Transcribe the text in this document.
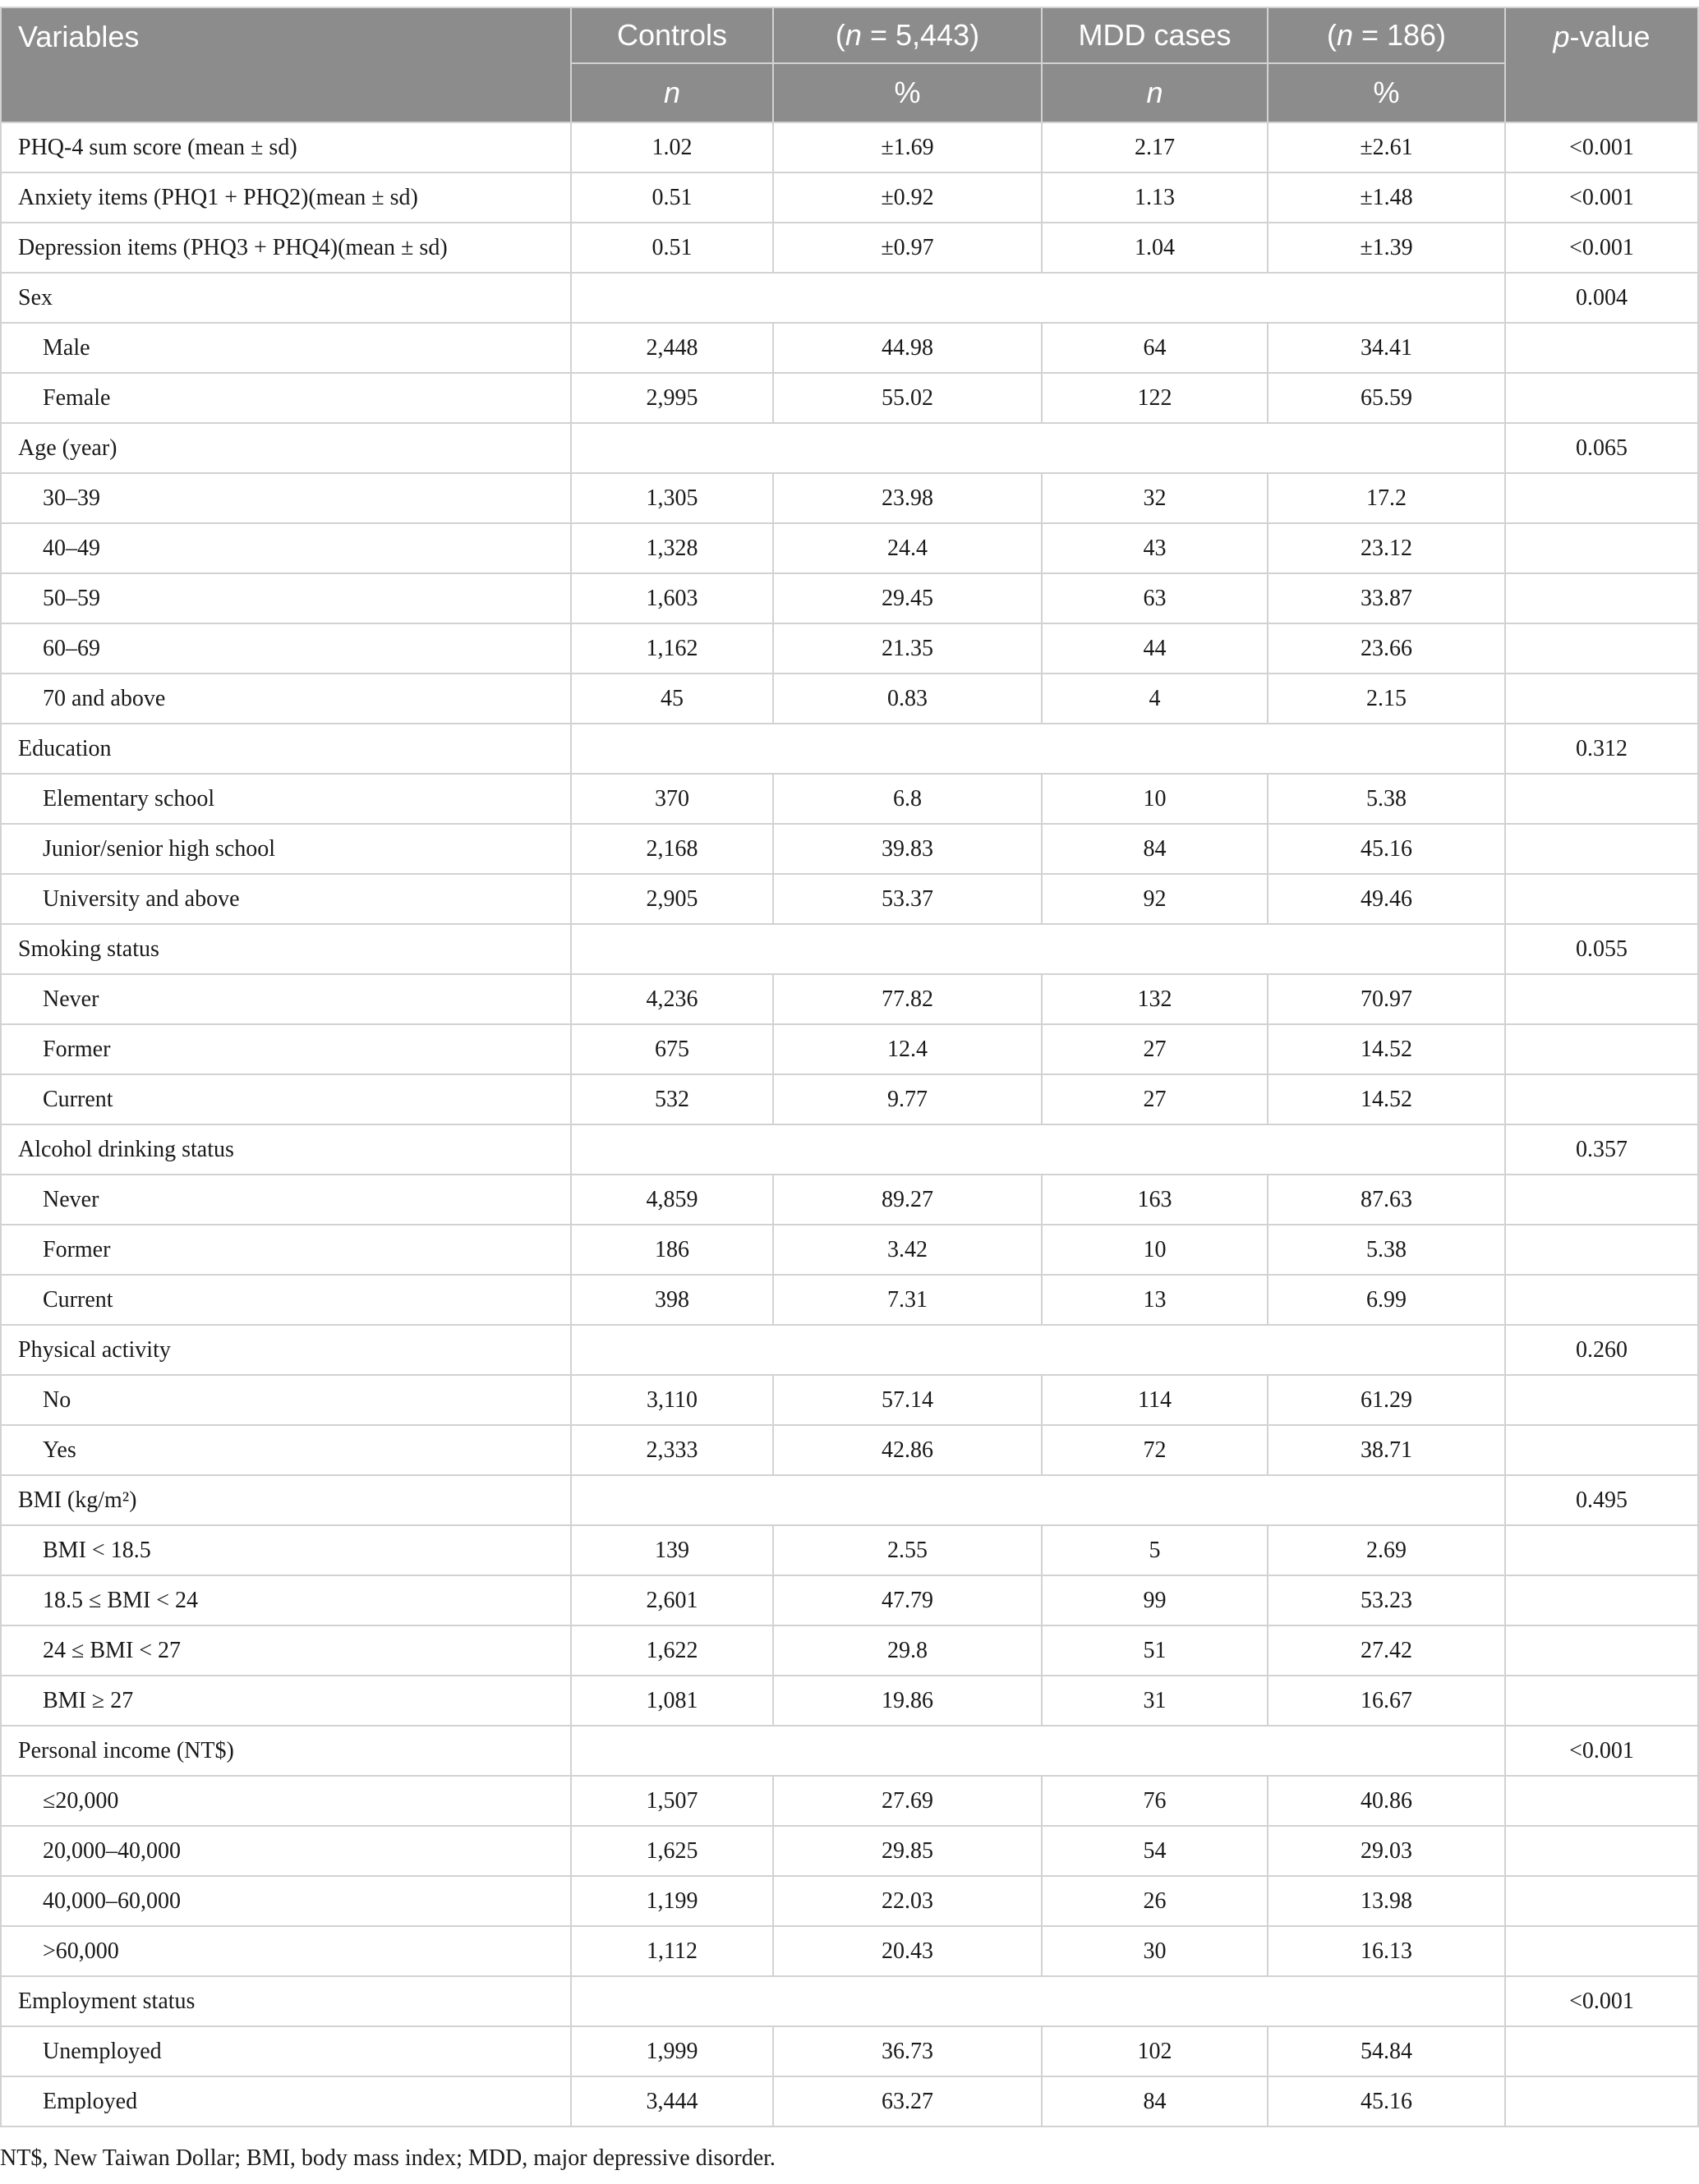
Variables	Controls	(n = 5,443)	MDD cases	(n = 186)	p-value
	n	%	n	%	
PHQ-4 sum score (mean ± sd)	1.02	±1.69	2.17	±2.61	<0.001
Anxiety items (PHQ1 + PHQ2)(mean ± sd)	0.51	±0.92	1.13	±1.48	<0.001
Depression items (PHQ3 + PHQ4)(mean ± sd)	0.51	±0.97	1.04	±1.39	<0.001
Sex					0.004
Male	2,448	44.98	64	34.41	
Female	2,995	55.02	122	65.59	
Age (year)					0.065
30–39	1,305	23.98	32	17.2	
40–49	1,328	24.4	43	23.12	
50–59	1,603	29.45	63	33.87	
60–69	1,162	21.35	44	23.66	
70 and above	45	0.83	4	2.15	
Education					0.312
Elementary school	370	6.8	10	5.38	
Junior/senior high school	2,168	39.83	84	45.16	
University and above	2,905	53.37	92	49.46	
Smoking status					0.055
Never	4,236	77.82	132	70.97	
Former	675	12.4	27	14.52	
Current	532	9.77	27	14.52	
Alcohol drinking status					0.357
Never	4,859	89.27	163	87.63	
Former	186	3.42	10	5.38	
Current	398	7.31	13	6.99	
Physical activity					0.260
No	3,110	57.14	114	61.29	
Yes	2,333	42.86	72	38.71	
BMI (kg/m²)					0.495
BMI < 18.5	139	2.55	5	2.69	
18.5 ≤ BMI < 24	2,601	47.79	99	53.23	
24 ≤ BMI < 27	1,622	29.8	51	27.42	
BMI ≥ 27	1,081	19.86	31	16.67	
Personal income (NT$)					<0.001
≤20,000	1,507	27.69	76	40.86	
20,000–40,000	1,625	29.85	54	29.03	
40,000–60,000	1,199	22.03	26	13.98	
>60,000	1,112	20.43	30	16.13	
Employment status					<0.001
Unemployed	1,999	36.73	102	54.84	
Employed	3,444	63.27	84	45.16	
NT$, New Taiwan Dollar; BMI, body mass index; MDD, major depressive disorder.
